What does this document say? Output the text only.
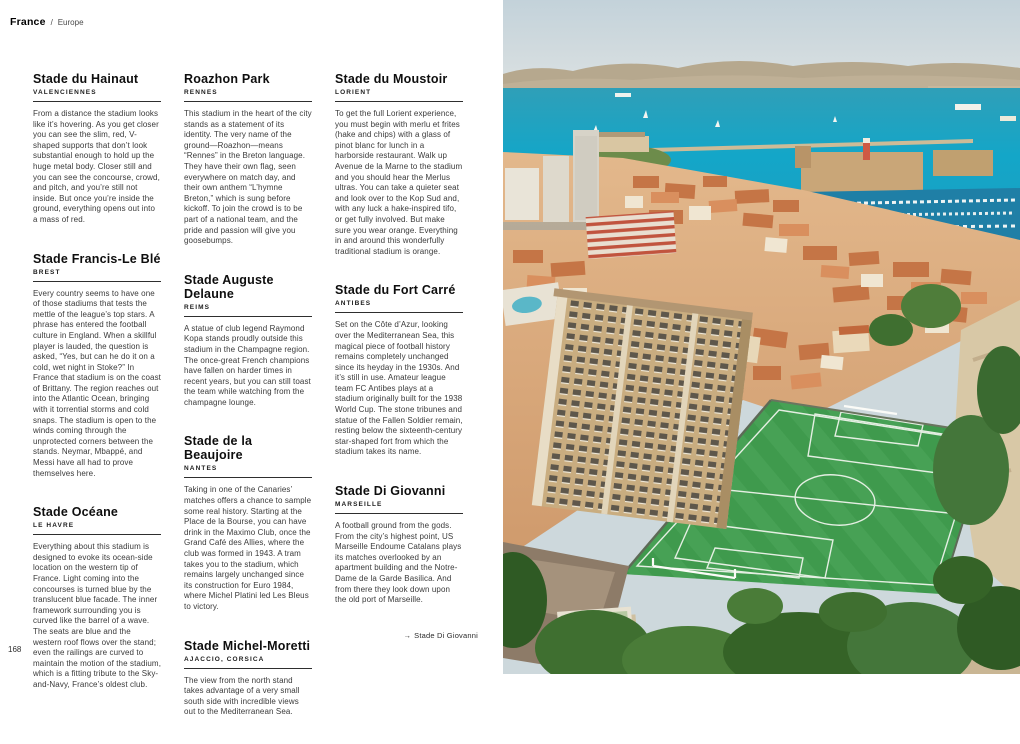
France / Europe
Stade du Hainaut
VALENCIENNES

From a distance the stadium looks like it’s hovering. As you get closer you can see the slim, red, V-shaped supports that don’t look substantial enough to hold up the huge metal body. Closer still and you can see the concourse, crowd, and pitch, and you’re still not inside. But once you’re inside the ground, everything opens out into a mass of red.

Stade Francis-Le Blé
BREST

Every country seems to have one of those stadiums that tests the mettle of the league’s top stars. A phrase has entered the football culture in England. When a skillful player is lauded, the question is asked, “Yes, but can he do it on a cold, wet night in Stoke?” In France that stadium is on the coast of Brittany. The region reaches out into the Atlantic Ocean, bringing with it torrential storms and cold snaps. The stadium is open to the winds coming through the unprotected corners between the stands. Neymar, Mbappé, and Messi have all had to prove themselves here.

Stade Océane
LE HAVRE

Everything about this stadium is designed to evoke its ocean-side location on the western tip of France. Light coming into the concourses is turned blue by the translucent blue facade. The inner framework surrounding you is curved like the barrel of a wave. The seats are blue and the western roof flows over the stand; even the railings are curved to maintain the motion of the stadium, which is a fitting tribute to the Sky-and-Navy, France’s oldest club.

Roazhon Park
RENNES

This stadium in the heart of the city stands as a statement of its identity. The very name of the ground—Roazhon—means “Rennes” in the Breton language. They have their own flag, seen everywhere on match day, and their own anthem “L’hymne Breton,” which is sung before kickoff. To join the crowd is to be part of a national team, and the pride and passion will give you goosebumps.

Stade Auguste Delaune
REIMS

A statue of club legend Raymond Kopa stands proudly outside this stadium in the Champagne region. The once-great French champions have fallen on harder times in recent years, but you can still toast the team while watching from the champagne lounge.

Stade de la Beaujoire
NANTES

Taking in one of the Canaries’ matches offers a chance to sample some real history. Starting at the Place de la Bourse, you can have drink in the Maximo Club, once the Grand Café des Allies, where the club was formed in 1943. A tram takes you to the stadium, which remains largely unchanged since its construction for Euro 1984, where Michel Platini led Les Bleus to victory.

Stade Michel-Moretti
AJACCIO, CORSICA

The view from the north stand takes advantage of a very small south side with incredible views out to the Mediterranean Sea.

Stade du Moustoir
LORIENT

To get the full Lorient experience, you must begin with merlu et frites (hake and chips) with a glass of pinot blanc for lunch in a harborside restaurant. Walk up Avenue de la Marne to the stadium and you should hear the Merlus ultras. You can take a quieter seat and look over to the Kop Sud and, with any luck a hake-inspired tifo, or get fully involved. But make sure you wear orange. Everything in and around this wonderfully traditional stadium is orange.

Stade du Fort Carré
ANTIBES

Set on the Côte d’Azur, looking over the Mediterranean Sea, this magical piece of football history remains completely unchanged since its heyday in the 1930s. And it’s still in use. Amateur league team FC Antibes plays at a stadium originally built for the 1938 World Cup. The stone tribunes and statue of the Fallen Soldier remain, resting below the sixteenth-century star-shaped fort from which the stadium takes its name.

Stade Di Giovanni
MARSEILLE

A football ground from the gods. From the city’s highest point, US Marseille Endoume Catalans plays its matches overlooked by an apartment building and the Notre-Dame de la Garde Basilica. And from there they look down upon the old port of Marseille.

168
→ Stade Di Giovanni
